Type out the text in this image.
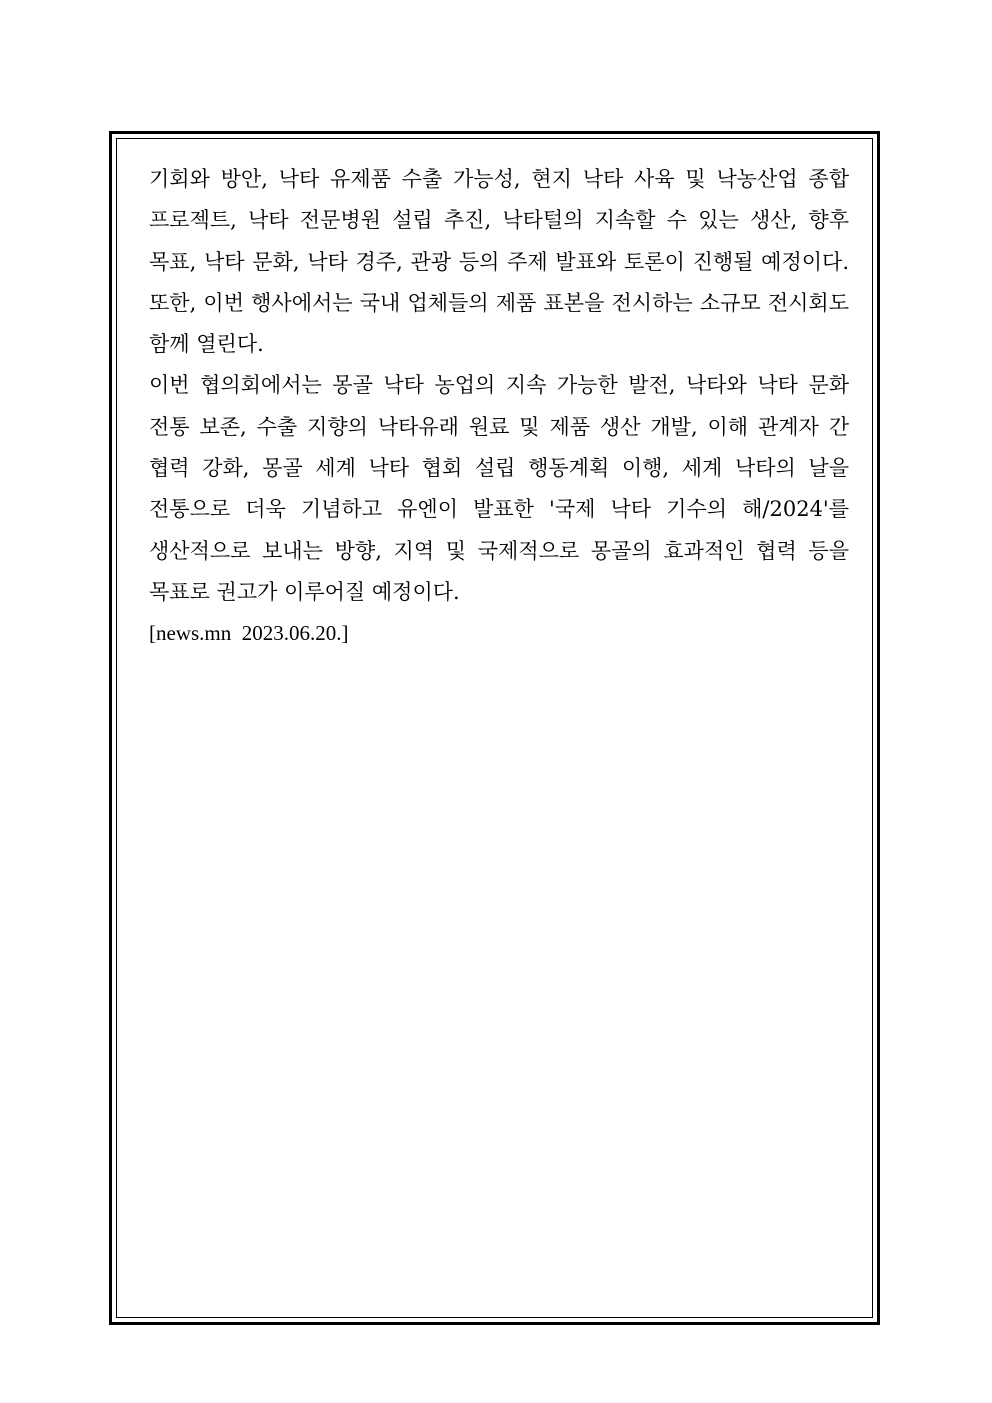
기회와 방안, 낙타 유제품 수출 가능성, 현지 낙타 사육 및 낙농산업 종합 프로젝트, 낙타 전문병원 설립 추진, 낙타털의 지속할 수 있는 생산, 향후 목표, 낙타 문화, 낙타 경주, 관광 등의 주제 발표와 토론이 진행될 예정이다. 또한, 이번 행사에서는 국내 업체들의 제품 표본을 전시하는 소규모 전시회도 함께 열린다.

이번 협의회에서는 몽골 낙타 농업의 지속 가능한 발전, 낙타와 낙타 문화 전통 보존, 수출 지향의 낙타유래 원료 및 제품 생산 개발, 이해 관계자 간 협력 강화, 몽골 세계 낙타 협회 설립 행동계획 이행, 세계 낙타의 날을 전통으로 더욱 기념하고 유엔이 발표한 '국제 낙타 기수의 해/2024'를 생산적으로 보내는 방향, 지역 및 국제적으로 몽골의 효과적인 협력 등을 목표로 권고가 이루어질 예정이다.

[news.mn  2023.06.20.]
